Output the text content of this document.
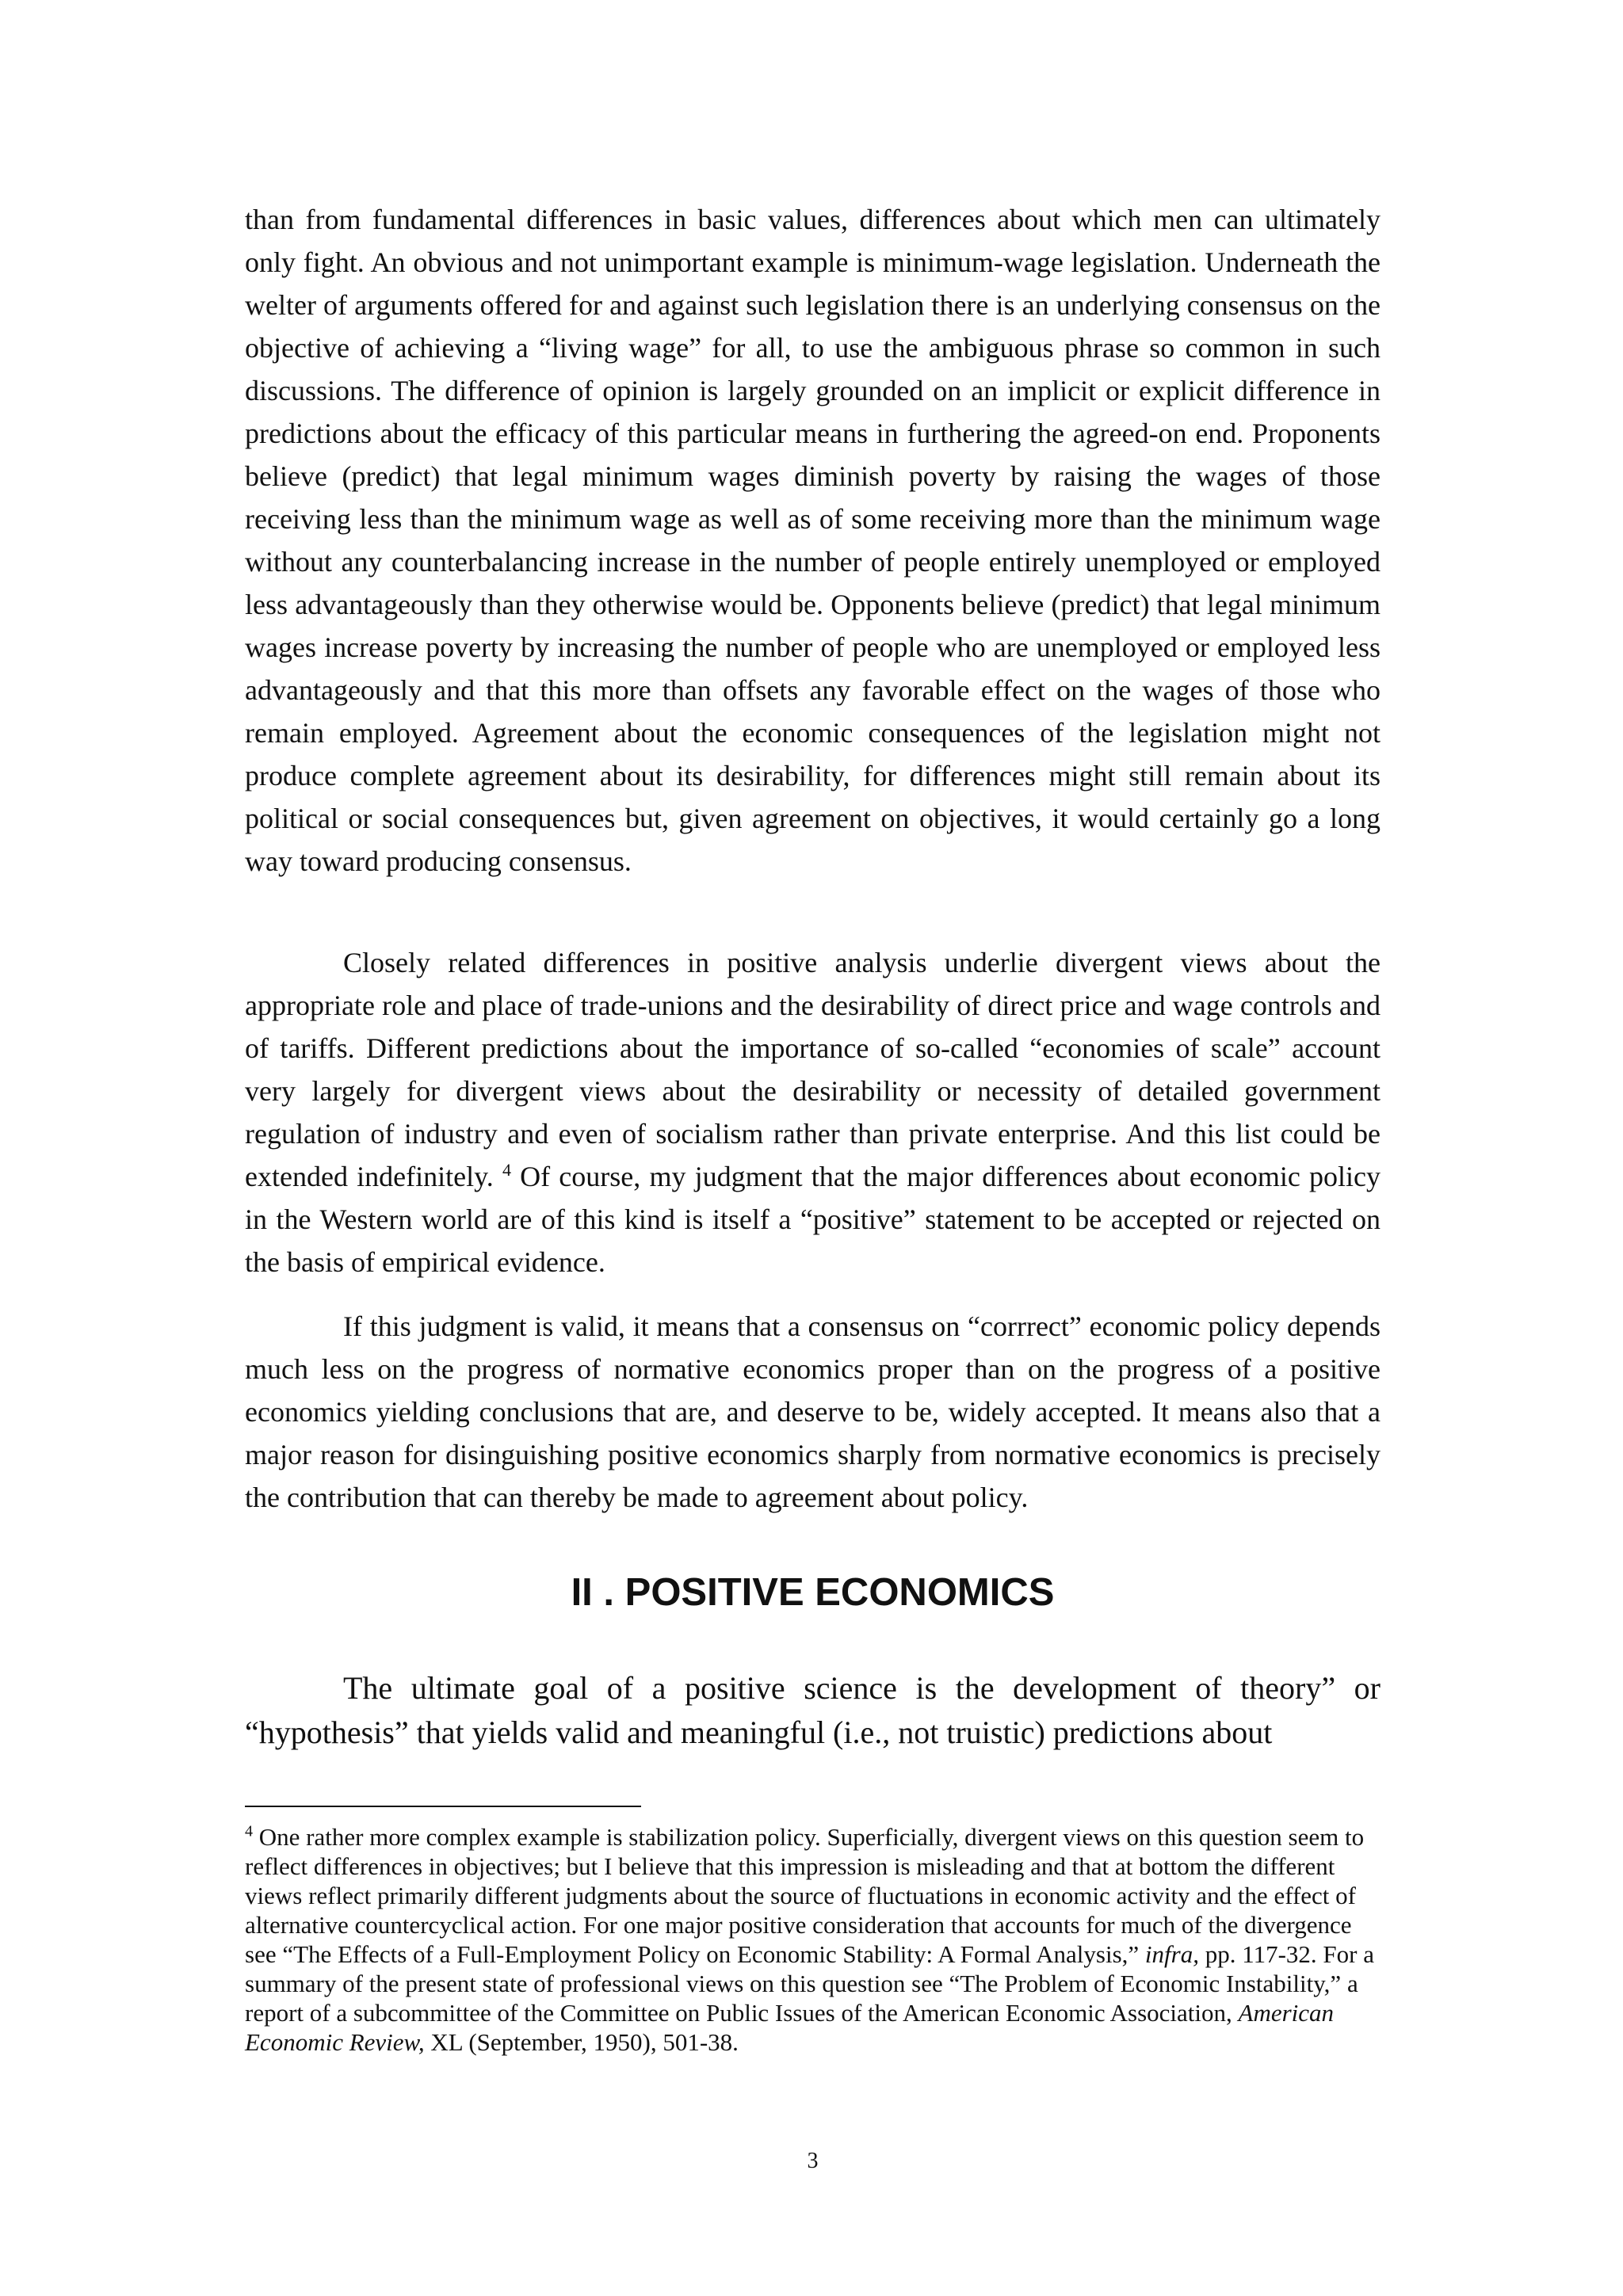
than from fundamental differences in basic values, differences about which men can ultimately only fight. An obvious and not unimportant example is minimum-wage legislation. Underneath the welter of arguments offered for and against such legislation there is an underlying consensus on the objective of achieving a “living wage” for all, to use the ambiguous phrase so common in such discussions. The difference of opinion is largely grounded on an implicit or explicit difference in predictions about the efficacy of this particular means in furthering the agreed-on end. Proponents believe (predict) that legal minimum wages diminish poverty by raising the wages of those receiving less than the minimum wage as well as of some receiving more than the minimum wage without any counterbalancing increase in the number of people entirely unemployed or employed less advantageously than they otherwise would be. Opponents believe (predict) that legal minimum wages increase poverty by increasing the number of people who are unemployed or employed less advantageously and that this more than offsets any favorable effect on the wages of those who remain employed. Agreement about the economic consequences of the legislation might not produce complete agreement about its desirability, for differences might still remain about its political or social consequences but, given agreement on objectives, it would certainly go a long way toward producing consensus.

Closely related differences in positive analysis underlie divergent views about the appropriate role and place of trade-unions and the desirability of direct price and wage controls and of tariffs. Different predictions about the importance of so-called “economies of scale” account very largely for divergent views about the desirability or necessity of detailed government regulation of industry and even of socialism rather than private enterprise. And this list could be extended indefinitely. $^4$ Of course, my judgment that the major differences about economic policy in the Western world are of this kind is itself a “positive” statement to be accepted or rejected on the basis of empirical evidence.

If this judgment is valid, it means that a consensus on “corrrect” economic policy depends much less on the progress of normative economics proper than on the progress of a positive economics yielding conclusions that are, and deserve to be, widely accepted. It means also that a major reason for disinguishing positive economics sharply from normative economics is precisely the contribution that can thereby be made to agreement about policy.

II . POSITIVE ECONOMICS

The ultimate goal of a positive science is the development of theory” or “hypothesis” that yields valid and meaningful (i.e., not truistic) predictions about

$^4$ One rather more complex example is stabilization policy. Superficially, divergent views on this question seem to reflect differences in objectives; but I believe that this impression is misleading and that at bottom the different views reflect primarily different judgments about the source of fluctuations in economic activity and the effect of alternative countercyclical action. For one major positive consideration that accounts for much of the divergence see “The Effects of a Full-Employment Policy on Economic Stability: A Formal Analysis,” infra, pp. 117-32. For a summary of the present state of professional views on this question see “The Problem of Economic Instability,” a report of a subcommittee of the Committee on Public Issues of the American Economic Association, American Economic Review, XL (September, 1950), 501-38.

3
